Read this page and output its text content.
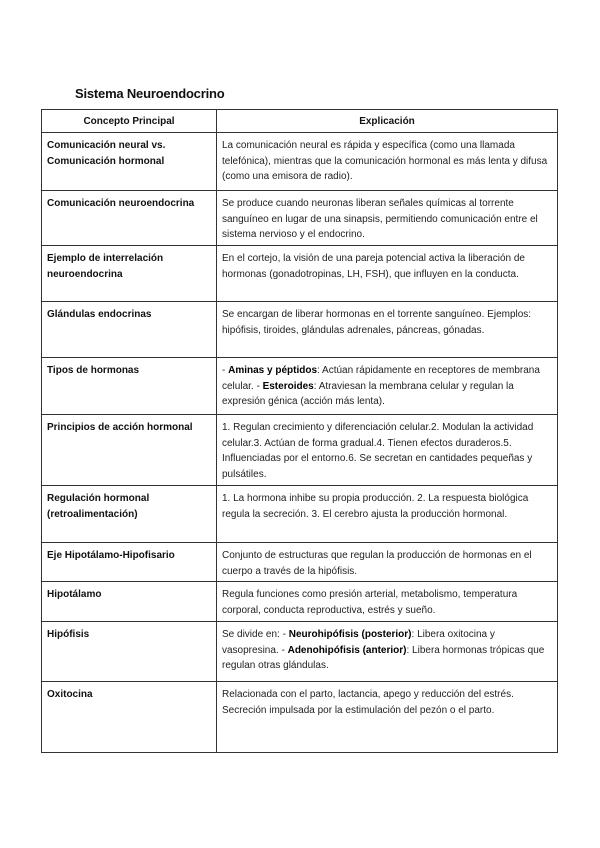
Sistema Neuroendocrino
Concepto Principal	Explicación
Comunicación neural vs. Comunicación hormonal	La comunicación neural es rápida y específica (como una llamada telefónica), mientras que la comunicación hormonal es más lenta y difusa (como una emisora de radio).
Comunicación neuroendocrina	Se produce cuando neuronas liberan señales químicas al torrente sanguíneo en lugar de una sinapsis, permitiendo comunicación entre el sistema nervioso y el endocrino.
Ejemplo de interrelación neuroendocrina	En el cortejo, la visión de una pareja potencial activa la liberación de hormonas (gonadotropinas, LH, FSH), que influyen en la conducta.
Glándulas endocrinas	Se encargan de liberar hormonas en el torrente sanguíneo. Ejemplos: hipófisis, tiroides, glándulas adrenales, páncreas, gónadas.
Tipos de hormonas	- Aminas y péptidos: Actúan rápidamente en receptores de membrana celular. - Esteroides: Atraviesan la membrana celular y regulan la expresión génica (acción más lenta).
Principios de acción hormonal	1. Regulan crecimiento y diferenciación celular.2. Modulan la actividad celular.3. Actúan de forma gradual.4. Tienen efectos duraderos.5. Influenciadas por el entorno.6. Se secretan en cantidades pequeñas y pulsátiles.
Regulación hormonal (retroalimentación)	1. La hormona inhibe su propia producción. 2. La respuesta biológica regula la secreción. 3. El cerebro ajusta la producción hormonal.
Eje Hipotálamo-Hipofisario	Conjunto de estructuras que regulan la producción de hormonas en el cuerpo a través de la hipófisis.
Hipotálamo	Regula funciones como presión arterial, metabolismo, temperatura corporal, conducta reproductiva, estrés y sueño.
Hipófisis	Se divide en: - Neurohipófisis (posterior): Libera oxitocina y vasopresina. - Adenohipófisis (anterior): Libera hormonas trópicas que regulan otras glándulas.
Oxitocina	Relacionada con el parto, lactancia, apego y reducción del estrés. Secreción impulsada por la estimulación del pezón o el parto.
